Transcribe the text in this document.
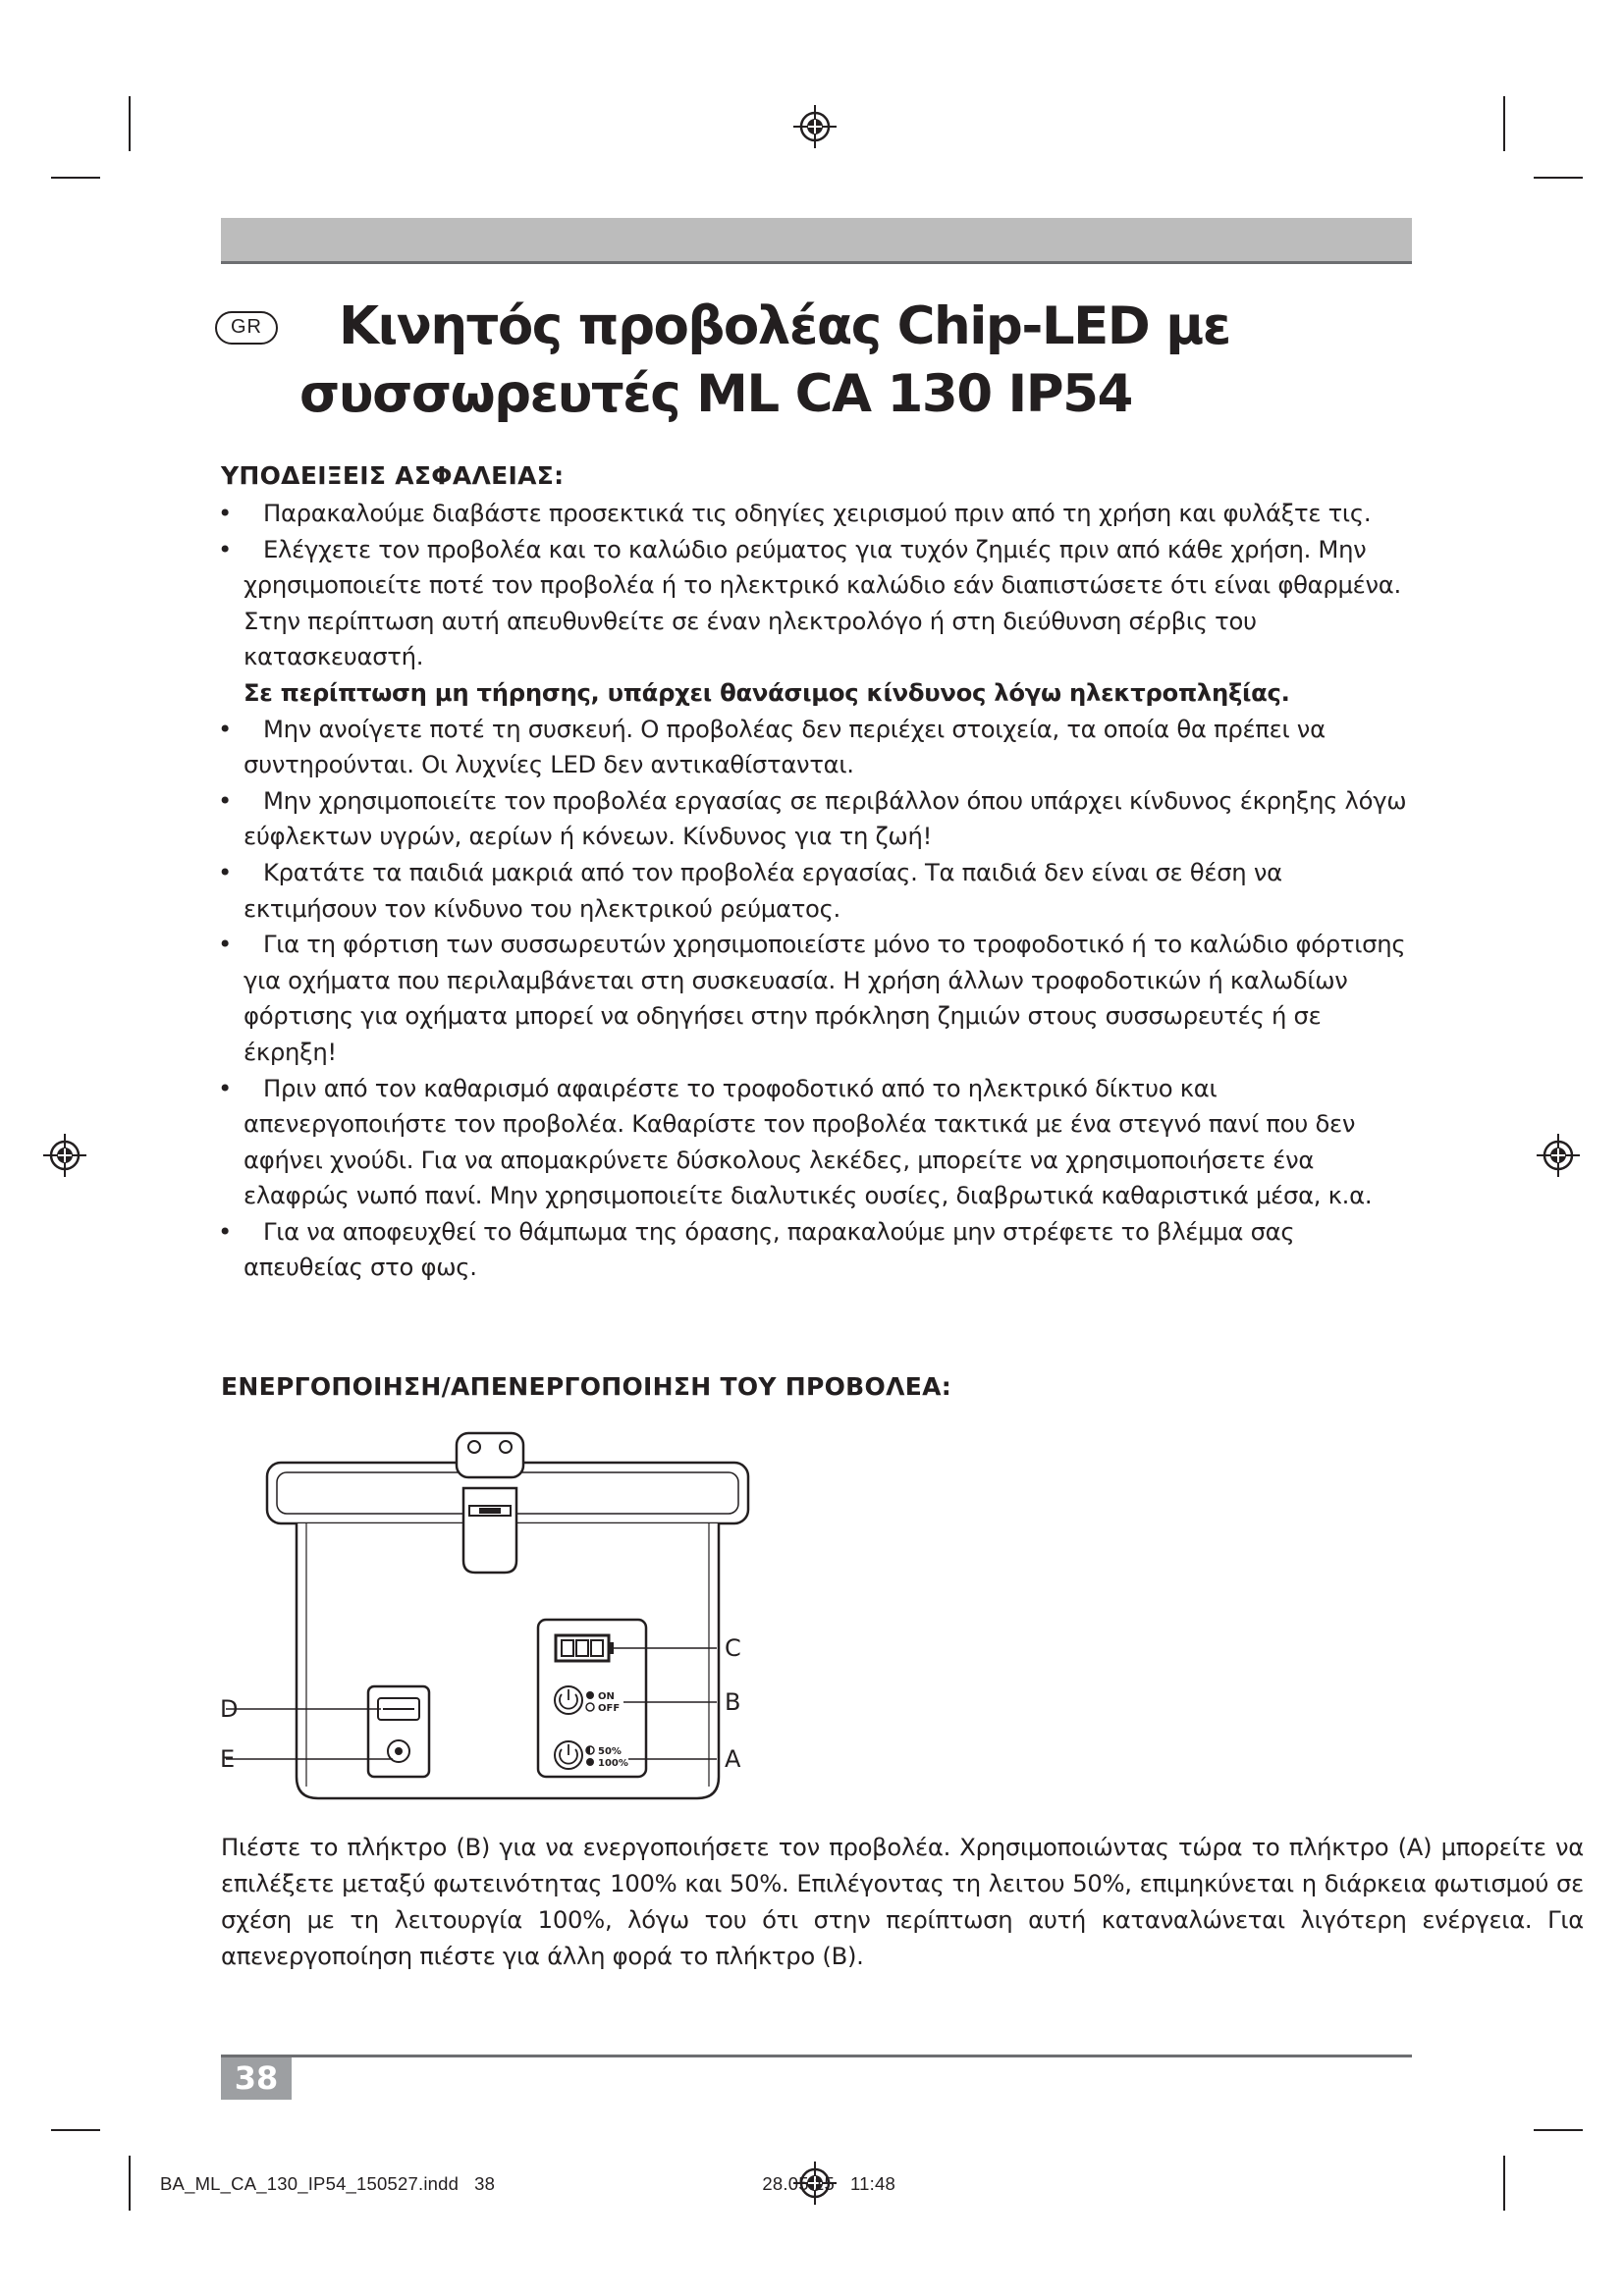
GR	Κινητός προβολέας Chip-LED με
συσσωρευτές ML CA 130 IP54
ΥΠΟΔΕΙΞΕΙΣ ΑΣΦΑΛΕΙΑΣ:
•	Παρακαλούμε διαβάστε προσεκτικά τις οδηγίες χειρισμού πριν από τη χρήση και φυλάξτε τις.
•	Ελέγχετε τον προβολέα και το καλώδιο ρεύματος για τυχόν ζημιές πριν από κάθε χρήση. Μην χρησιμοποιείτε ποτέ τον προβολέα ή το ηλεκτρικό καλώδιο εάν διαπιστώσετε ότι είναι φθαρμένα. Στην περίπτωση αυτή απευθυνθείτε σε έναν ηλεκτρολόγο ή στη διεύθυνση σέρβις του κατασκευαστή.
Σε περίπτωση μη τήρησης, υπάρχει θανάσιμος κίνδυνος λόγω ηλεκτροπληξίας.
•	Μην ανοίγετε ποτέ τη συσκευή. Ο προβολέας δεν περιέχει στοιχεία, τα οποία θα πρέπει να συντηρούνται. Οι λυχνίες LED δεν αντικαθίστανται.
•	Μην χρησιμοποιείτε τον προβολέα εργασίας σε περιβάλλον όπου υπάρχει κίνδυνος έκρηξης λόγω εύφλεκτων υγρών, αερίων ή κόνεων. Κίνδυνος για τη ζωή!
•	Κρατάτε τα παιδιά μακριά από τον προβολέα εργασίας. Τα παιδιά δεν είναι σε θέση να εκτιμήσουν τον κίνδυνο του ηλεκτρικού ρεύματος.
•	Για τη φόρτιση των συσσωρευτών χρησιμοποιείστε μόνο το τροφοδοτικό ή το καλώδιο φόρτισης για οχήματα που περιλαμβάνεται στη συσκευασία. Η χρήση άλλων τροφοδοτικών ή καλωδίων φόρτισης για οχήματα μπορεί να οδηγήσει στην πρόκληση ζημιών στους συσσωρευτές ή σε έκρηξη!
•	Πριν από τον καθαρισμό αφαιρέστε το τροφοδοτικό από το ηλεκτρικό δίκτυο και απενεργοποιήστε τον προβολέα. Καθαρίστε τον προβολέα τακτικά με ένα στεγνό πανί που δεν αφήνει χνούδι. Για να απομακρύνετε δύσκολους λεκέδες, μπορείτε να χρησιμοποιήσετε ένα ελαφρώς νωπό πανί. Μην χρησιμοποιείτε διαλυτικές ουσίες, διαβρωτικά καθαριστικά μέσα, κ.α.
•	Για να αποφευχθεί το θάμπωμα της όρασης, παρακαλούμε μην στρέφετε το βλέμμα σας απευθείας στο φως.
ΕΝΕΡΓΟΠΟΙΗΣΗ/ΑΠΕΝΕΡΓΟΠΟΙΗΣΗ ΤΟΥ ΠΡΟΒΟΛΕΑ:
ON
OFF
50%
100%
C
B
A
D
E
Πιέστε το πλήκτρο (B) για να ενεργοποιήσετε τον προβολέα. Χρησιμοποιώντας τώρα το πλήκτρο (A) μπορείτε να επιλέξετε μεταξύ φωτεινότητας 100% και 50%. Επιλέγοντας τη λειτου 50%, επιμηκύνεται η διάρκεια φωτισμού σε σχέση με τη λειτουργία 100%, λόγω του ότι στην περίπτωση αυτή καταναλώνεται λιγότερη ενέργεια. Για απενεργοποίηση πιέστε για άλλη φορά το πλήκτρο (B).
38
BA_ML_CA_130_IP54_150527.indd   38                                                   28.05.15   11:48
